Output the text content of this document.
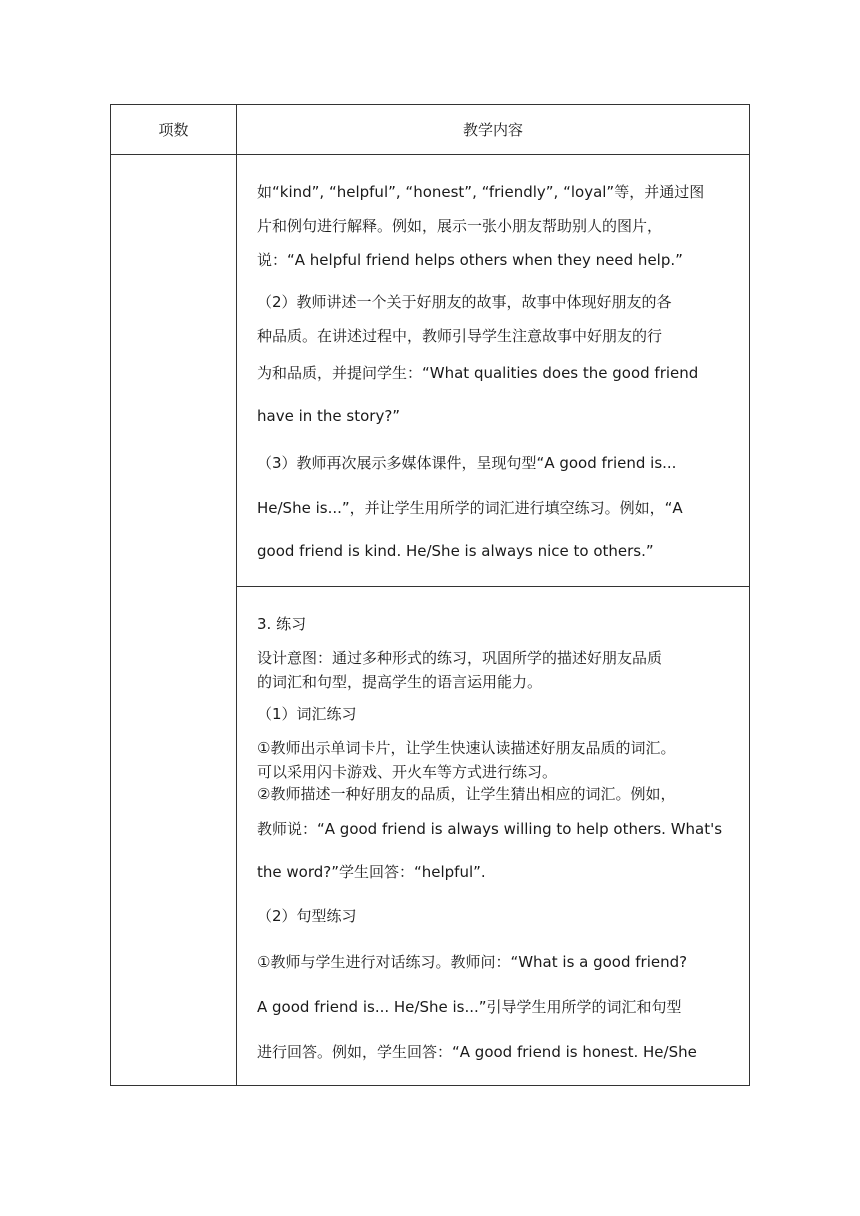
项数	教学内容
如“kind”, “helpful”, “honest”, “friendly”, “loyal”等，并通过图
片和例句进行解释。例如，展示一张小朋友帮助别人的图片，
说：“A helpful friend helps others when they need help.”
（2）教师讲述一个关于好朋友的故事，故事中体现好朋友的各
种品质。在讲述过程中，教师引导学生注意故事中好朋友的行
为和品质，并提问学生：“What qualities does the good friend
have in the story?”
（3）教师再次展示多媒体课件，呈现句型“A good friend is...
He/She is...”，并让学生用所学的词汇进行填空练习。例如，“A
good friend is kind. He/She is always nice to others.”
3. 练习
设计意图：通过多种形式的练习，巩固所学的描述好朋友品质
的词汇和句型，提高学生的语言运用能力。
（1）词汇练习
①教师出示单词卡片，让学生快速认读描述好朋友品质的词汇。
可以采用闪卡游戏、开火车等方式进行练习。
②教师描述一种好朋友的品质，让学生猜出相应的词汇。例如，
教师说：“A good friend is always willing to help others. What's
the word?”学生回答：“helpful”.
（2）句型练习
①教师与学生进行对话练习。教师问：“What is a good friend?
A good friend is... He/She is...”引导学生用所学的词汇和句型
进行回答。例如，学生回答：“A good friend is honest. He/She
